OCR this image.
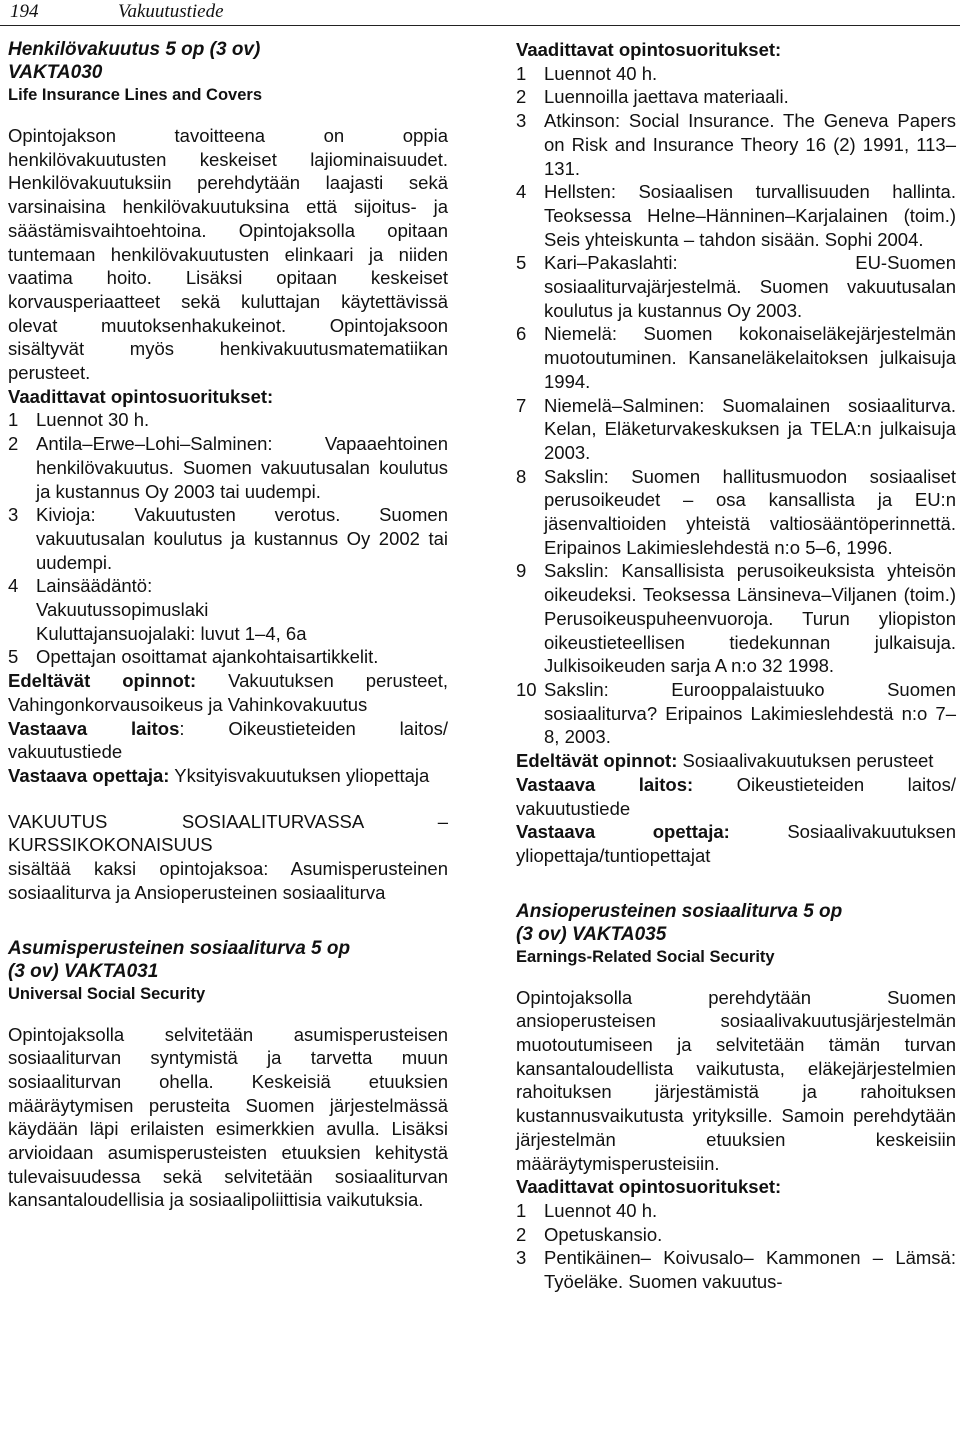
194	Vakuutustiede
Henkilövakuutus 5 op (3 ov)
VAKTA030
Life Insurance Lines and Covers

Opintojakson tavoitteena on oppia henkilövakuutusten keskeiset lajiominaisuudet. Henkilövakuutuksiin perehdytään laajasti sekä varsinaisina henkilövakuutuksina että sijoitus- ja säästämisvaihtoehtoina. Opintojaksolla opitaan tuntemaan henkilövakuutusten elinkaari ja niiden vaatima hoito. Lisäksi opitaan keskeiset korvausperiaatteet sekä kuluttajan käytettävissä olevat muutoksenhakukeinot. Opintojaksoon sisältyvät myös henkivakuutusmatematiikan perusteet.

Vaadittavat opintosuoritukset:
1 Luennot 30 h.
2 Antila–Erwe–Lohi–Salminen: Vapaaehtoinen henkilövakuutus. Suomen vakuutusalan koulutus ja kustannus Oy 2003 tai uudempi.
3 Kivioja: Vakuutusten verotus. Suomen vakuutusalan koulutus ja kustannus Oy 2002 tai uudempi.
4 Lainsäädäntö:
Vakuutussopimuslaki
Kuluttajansuojalaki: luvut 1–4, 6a
5 Opettajan osoittamat ajankohtaisartikkelit.

Edeltävät opinnot: Vakuutuksen perusteet, Vahingonkorvausoikeus ja Vahinkovakuutus

Vastaava laitos: Oikeustieteiden laitos/ vakuutustiede

Vastaava opettaja: Yksityisvakuutuksen yliopettaja

VAKUUTUS SOSIAALITURVASSA – KURSSIKOKONAISUUS

sisältää kaksi opintojaksoa: Asumisperusteinen sosiaaliturva ja Ansioperusteinen sosiaaliturva

Asumisperusteinen sosiaaliturva 5 op
(3 ov) VAKTA031
Universal Social Security

Opintojaksolla selvitetään asumisperusteisen sosiaaliturvan syntymistä ja tarvetta muun sosiaaliturvan ohella. Keskeisiä etuuksien määräytymisen perusteita Suomen järjestelmässä käydään läpi erilaisten esimerkkien avulla. Lisäksi arvioidaan asumisperusteisten etuuksien kehitystä tulevaisuudessa sekä selvitetään sosiaaliturvan kansantaloudellisia ja sosiaalipoliittisia vaikutuksia.

Vaadittavat opintosuoritukset:
1 Luennot 40 h.
2 Luennoilla jaettava materiaali.
3 Atkinson: Social Insurance. The Geneva Papers on Risk and Insurance Theory 16 (2) 1991, 113–131.
4 Hellsten: Sosiaalisen turvallisuuden hallinta. Teoksessa Helne–Hänninen–Karjalainen (toim.) Seis yhteiskunta – tahdon sisään. Sophi 2004.
5 Kari–Pakaslahti: EU-Suomen sosiaaliturvajärjestelmä. Suomen vakuutusalan koulutus ja kustannus Oy 2003.
6 Niemelä: Suomen kokonaiseläkejärjestelmän muotoutuminen. Kansaneläkelaitoksen julkaisuja 1994.
7 Niemelä–Salminen: Suomalainen sosiaaliturva. Kelan, Eläketurvakeskuksen ja TELA:n julkaisuja 2003.
8 Sakslin: Suomen hallitusmuodon sosiaaliset perusoikeudet – osa kansallista ja EU:n jäsenvaltioiden yhteistä valtiosääntöperinnettä. Eripainos Lakimieslehdestä n:o 5–6, 1996.
9 Sakslin: Kansallisista perusoikeuksista yhteisön oikeudeksi. Teoksessa Länsineva–Viljanen (toim.) Perusoikeuspuheenvuoroja. Turun yliopiston oikeustieteellisen tiedekunnan julkaisuja. Julkisoikeuden sarja A n:o 32 1998.
10 Sakslin: Eurooppalaistuuko Suomen sosiaaliturva? Eripainos Lakimieslehdestä n:o 7–8, 2003.

Edeltävät opinnot: Sosiaalivakuutuksen perusteet

Vastaava laitos: Oikeustieteiden laitos/ vakuutustiede

Vastaava opettaja:	Sosiaalivakuutuksen yliopettaja/tuntiopettajat

Ansioperusteinen sosiaaliturva 5 op
(3 ov) VAKTA035
Earnings-Related Social Security

Opintojaksolla perehdytään Suomen ansioperusteisen sosiaalivakuutusjärjestelmän muotoutumiseen ja selvitetään tämän turvan kansantaloudellista vaikutusta, eläkejärjestelmien rahoituksen järjestämistä ja rahoituksen kustannusvaikutusta yrityksille. Samoin perehdytään järjestelmän etuuksien keskeisiin määräytymisperusteisiin.

Vaadittavat opintosuoritukset:
1 Luennot 40 h.
2 Opetuskansio.
3 Pentikäinen– Koivusalo– Kammonen – Lämsä: Työeläke. Suomen vakuutus-
